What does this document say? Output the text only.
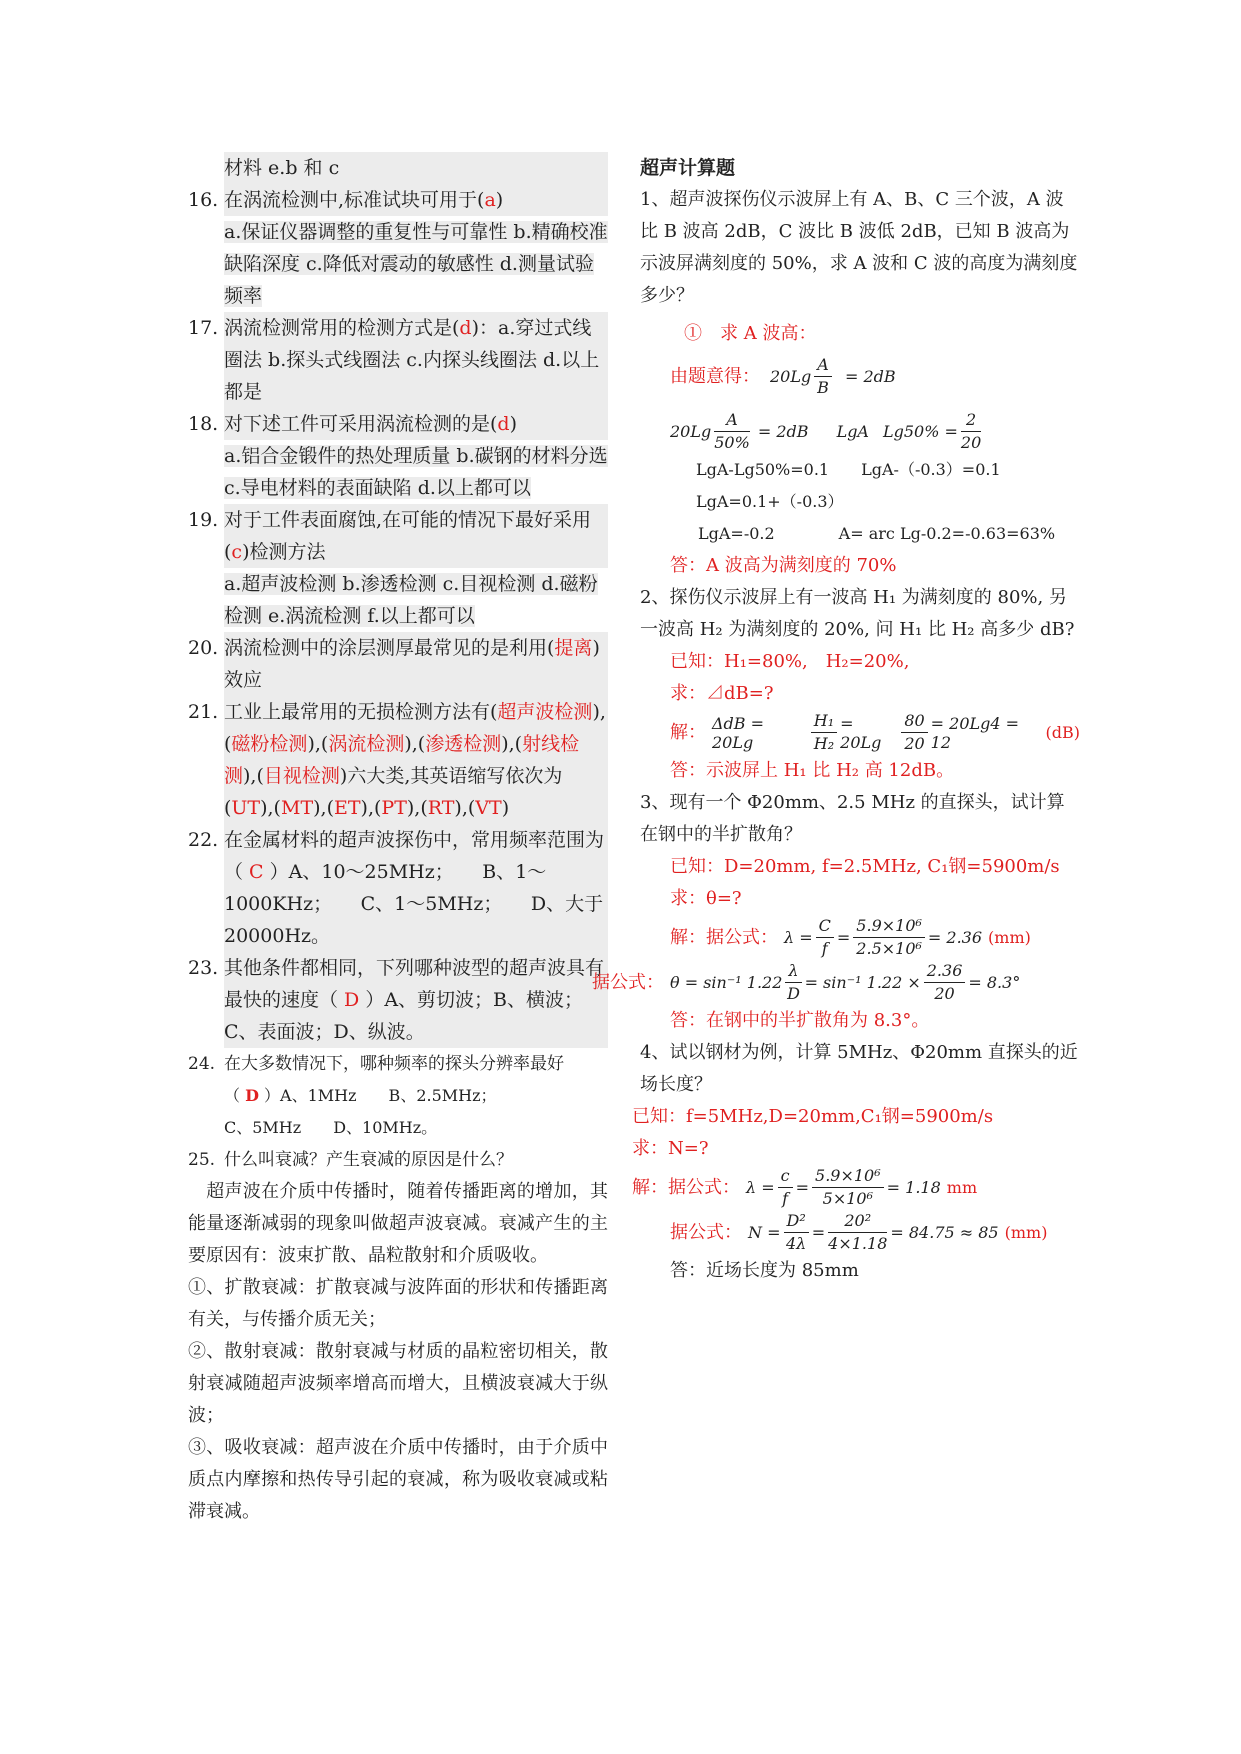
材料 e.b 和 c
16. 在涡流检测中,标准试块可用于(a)
a.保证仪器调整的重复性与可靠性 b.精确校准缺陷深度 c.降低对震动的敏感性 d.测量试验频率
17. 涡流检测常用的检测方式是(d)：a.穿过式线圈法 b.探头式线圈法 c.内探头线圈法 d.以上都是
18. 对下述工件可采用涡流检测的是(d)
a.铝合金锻件的热处理质量 b.碳钢的材料分选 c.导电材料的表面缺陷 d.以上都可以
19. 对于工件表面腐蚀,在可能的情况下最好采用(c)检测方法
a.超声波检测 b.渗透检测 c.目视检测 d.磁粉检测 e.涡流检测 f.以上都可以
20. 涡流检测中的涂层测厚最常见的是利用(提离)效应
21. 工业上最常用的无损检测方法有(超声波检测),(磁粉检测),(涡流检测),(渗透检测),(射线检测),(目视检测)六大类,其英语缩写依次为(UT),(MT),(ET),(PT),(RT),(VT)
22. 在金属材料的超声波探伤中，常用频率范围为（ C ）A、10～25MHz；　　B、1～1000KHz；　　C、1～5MHz；　　D、大于 20000Hz。
23. 其他条件都相同，下列哪种波型的超声波具有最快的速度（ D ）A、剪切波；B、横波；C、表面波；D、纵波。
24. 在大多数情况下，哪种频率的探头分辨率最好
（ D ）A、1MHz　　B、2.5MHz；
C、5MHz　　D、10MHz。
25. 什么叫衰减？产生衰减的原因是什么？
　超声波在介质中传播时，随着传播距离的增加，其能量逐渐减弱的现象叫做超声波衰减。衰减产生的主要原因有：波束扩散、晶粒散射和介质吸收。
①、扩散衰减：扩散衰减与波阵面的形状和传播距离有关，与传播介质无关；
②、散射衰减：散射衰减与材质的晶粒密切相关，散射衰减随超声波频率增高而增大，且横波衰减大于纵波；
③、吸收衰减：超声波在介质中传播时，由于介质中质点内摩擦和热传导引起的衰减，称为吸收衰减或粘滞衰减。
超声计算题
1、超声波探伤仪示波屏上有 A、B、C 三个波，A 波比 B 波高 2dB，C 波比 B 波低 2dB，已知 B 波高为示波屏满刻度的 50%，求 A 波和 C 波的高度为满刻度多少？
①　求 A 波高：
由题意得： $20Lg \frac{A}{B} = 2dB$
$20Lg \frac{A}{50\%} = 2dB$ LgA $Lg50\% = \frac{2}{20}$
LgA-Lg50%=0.1　　LgA-（-0.3）=0.1
LgA=0.1+（-0.3）
LgA=-0.2　　　　A= arc Lg-0.2=-0.63=63%
答：A 波高为满刻度的 70%
2、探伤仪示波屏上有一波高 H₁ 为满刻度的 80%, 另一波高 H₂ 为满刻度的 20%, 问 H₁ 比 H₂ 高多少 dB?
已知：H₁=80%,　H₂=20%,
求：⊿dB=?
解： ΔdB = 20Lg	$\frac{\text{H₁}}{\text{H₂}} = 20Lg$	$\frac{80}{20} = 20Lg4 = 12$	(dB)
答：示波屏上 H₁ 比 H₂ 高 12dB。
3、现有一个 Φ20mm、2.5 MHz 的直探头，试计算在钢中的半扩散角？
已知：D=20mm, f=2.5MHz, C₁钢=5900m/s
求：θ=?
解：据公式： $\lambda = \frac{C}{f} = \frac{\text{5.9×10⁶}}{\text{2.5×10⁶}} = 2.36$ (mm)
据公式： θ = sin⁻¹ $1.22 \frac{\lambda}{D} = \sin^{-1}$ $1.22 \times \frac{2.36}{20} = 8.3^\circ$
答：在钢中的半扩散角为 8.3°。
4、试以钢材为例，计算 5MHz、Φ20mm 直探头的近场长度？
已知：f=5MHz,D=20mm,C₁钢=5900m/s
求：N=?
解：据公式： $\lambda = \frac{c}{f} = \frac{\text{5.9×10⁶}}{\text{5×10⁶}} = 1.18$ mm
据公式： $N = \frac{\text{D²}}{4\lambda} = \frac{\text{20²}}{4\times 1.18} = 84.75 \approx 85$ (mm)
答：近场长度为 85mm
